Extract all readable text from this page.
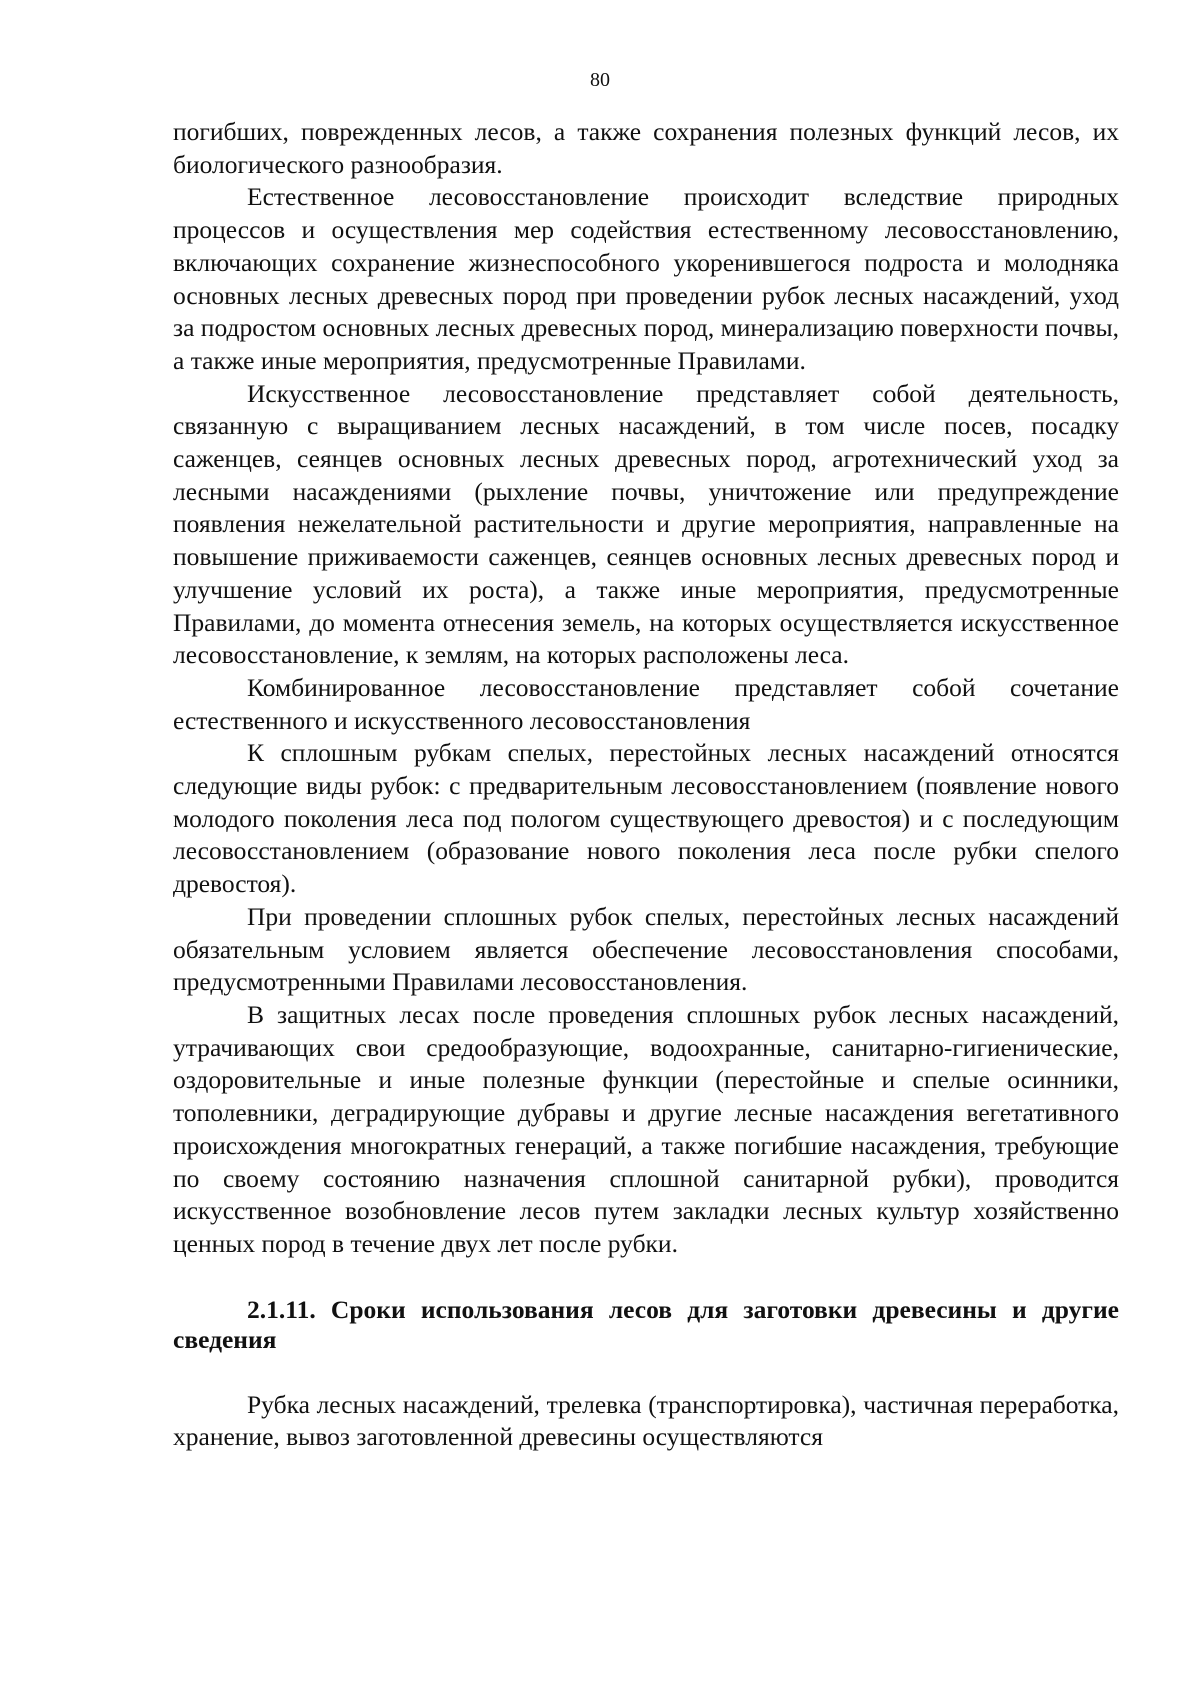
80

погибших, поврежденных лесов, а также сохранения полезных функций лесов, их биологического разнообразия.

Естественное лесовосстановление происходит вследствие природных процессов и осуществления мер содействия естественному лесовосстановлению, включающих сохранение жизнеспособного укоренившегося подроста и молодняка основных лесных древесных пород при проведении рубок лесных насаждений, уход за подростом основных лесных древесных пород, минерализацию поверхности почвы, а также иные мероприятия, предусмотренные Правилами.

Искусственное лесовосстановление представляет собой деятельность, связанную с выращиванием лесных насаждений, в том числе посев, посадку саженцев, сеянцев основных лесных древесных пород, агротехнический уход за лесными насаждениями (рыхление почвы, уничтожение или предупреждение появления нежелательной растительности и другие мероприятия, направленные на повышение приживаемости саженцев, сеянцев основных лесных древесных пород и улучшение условий их роста), а также иные мероприятия, предусмотренные Правилами, до момента отнесения земель, на которых осуществляется искусственное лесовосстановление, к землям, на которых расположены леса.

Комбинированное лесовосстановление представляет собой сочетание естественного и искусственного лесовосстановления

К сплошным рубкам спелых, перестойных лесных насаждений относятся следующие виды рубок: с предварительным лесовосстановлением (появление нового молодого поколения леса под пологом существующего древостоя) и с последующим лесовосстановлением (образование нового поколения леса после рубки спелого древостоя).

При проведении сплошных рубок спелых, перестойных лесных насаждений обязательным условием является обеспечение лесовосстановления способами, предусмотренными Правилами лесовосстановления.

В защитных лесах после проведения сплошных рубок лесных насаждений, утрачивающих свои средообразующие, водоохранные, санитарно-гигиенические, оздоровительные и иные полезные функции (перестойные и спелые осинники, тополевники, деградирующие дубравы и другие лесные насаждения вегетативного происхождения многократных генераций, а также погибшие насаждения, требующие по своему состоянию назначения сплошной санитарной рубки), проводится искусственное возобновление лесов путем закладки лесных культур хозяйственно ценных пород в течение двух лет после рубки.

2.1.11. Сроки использования лесов для заготовки древесины и другие сведения

Рубка лесных насаждений, трелевка (транспортировка), частичная переработка, хранение, вывоз заготовленной древесины осуществляются
